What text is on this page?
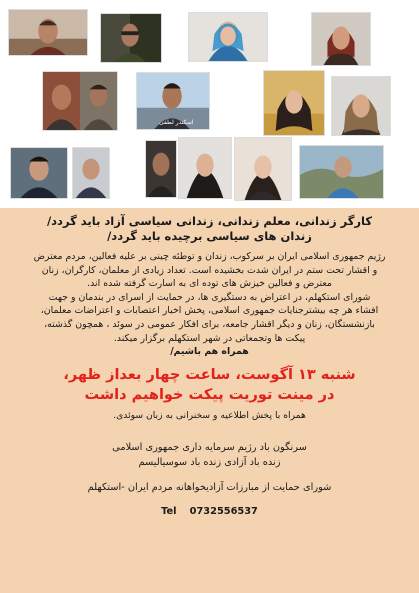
اسکندر لطفی

کارگر زندانی، معلم زندانی، زندانی سیاسی آزاد باید گردد/

زندان های سیاسی برچیده باید گردد/

رژیم جمهوری اسلامی ایران بر سرکوب، زندان و توطئه چینی بر علیه فعالین، مردم معترض

و اقشار تحت ستم در ایران شدت بخشیده است. تعداد زیادی از معلمان، کارگران، زنان

معترض و فعالین خیزش های توده ای به اسارت گرفته شده اند.

شورای استکهلم، در اعتراض به دستگیری ها، در حمایت از اسرای در بندمان و جهت

افشاء هر چه بیشترجنایات جمهوری اسلامی، پخش اخبار اعتصابات و اعتراضات معلمان،

بازنشستگان، زنان و دیگر اقشار جامعه، برای افکار عمومی در سوئد ، همچون گذشته،

پیکت ها وتجمعاتی در شهر استکهلم برگزار میکند.

همراه هم باشیم/

شنبه ۱۳ آگوست، ساعت چهار بعداز ظهر،

در مینت توریت پیکت خواهیم داشت

همراه با پخش اطلاعیه و سخنرانی به زبان سوئدی.

سرنگون باد رژیم سرمایه داری جمهوری اسلامی

زنده باد آزادی زنده باد سوسیالیسم

شورای حمایت از مبارزات آزادیخواهانه مردم ایران -استکهلم

Tel 0732556537
